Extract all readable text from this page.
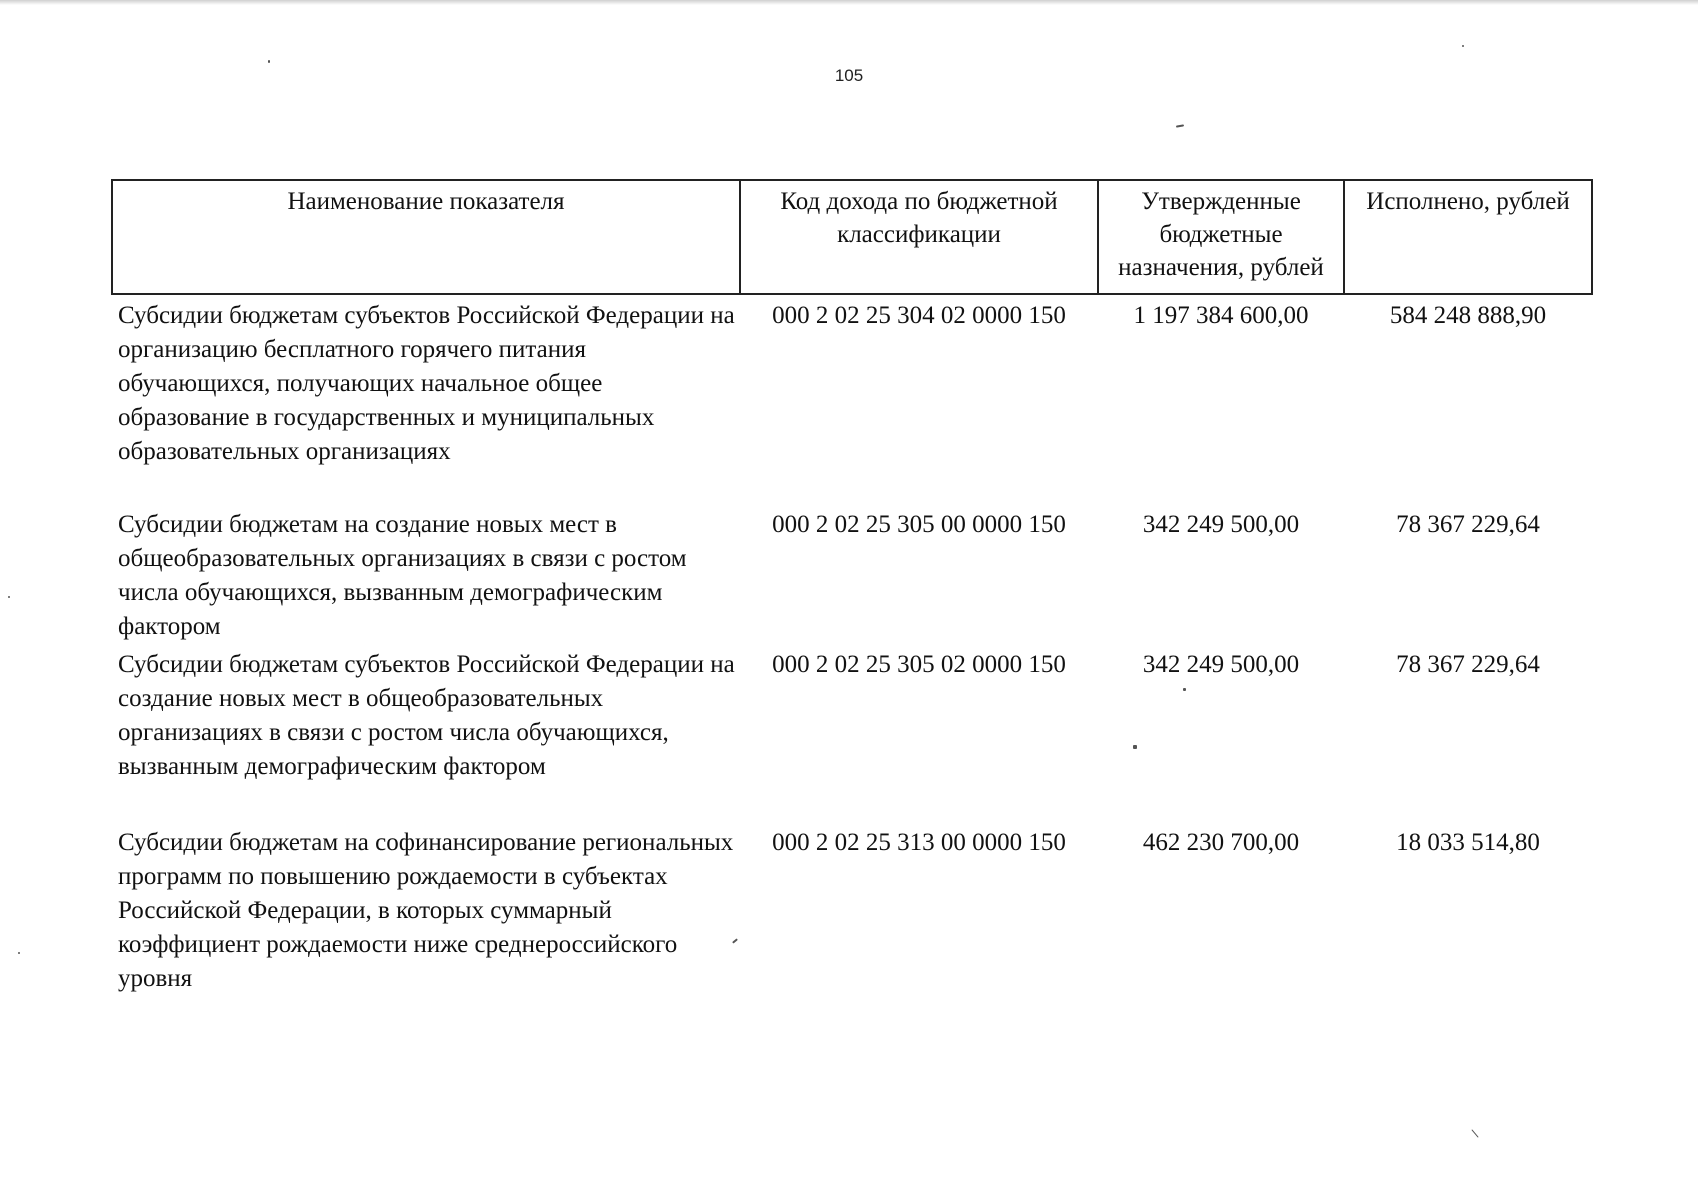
105
Наименование показателя	Код дохода по бюджетной классификации	Утвержденные бюджетные назначения, рублей	Исполнено, рублей
Субсидии бюджетам субъектов Российской Федерации на организацию бесплатного горячего питания обучающихся, получающих начальное общее образование в государственных и муниципальных образовательных организациях	000 2 02 25 304 02 0000 150	1 197 384 600,00	584 248 888,90
Субсидии бюджетам на создание новых мест в общеобразовательных организациях в связи с ростом числа обучающихся, вызванным демографическим фактором	000 2 02 25 305 00 0000 150	342 249 500,00	78 367 229,64
Субсидии бюджетам субъектов Российской Федерации на создание новых мест в общеобразовательных организациях в связи с ростом числа обучающихся, вызванным демографическим фактором	000 2 02 25 305 02 0000 150	342 249 500,00	78 367 229,64
Субсидии бюджетам на софинансирование региональных программ по повышению рождаемости в субъектах Российской Федерации, в которых суммарный коэффициент рождаемости ниже среднероссийского уровня	000 2 02 25 313 00 0000 150	462 230 700,00	18 033 514,80
